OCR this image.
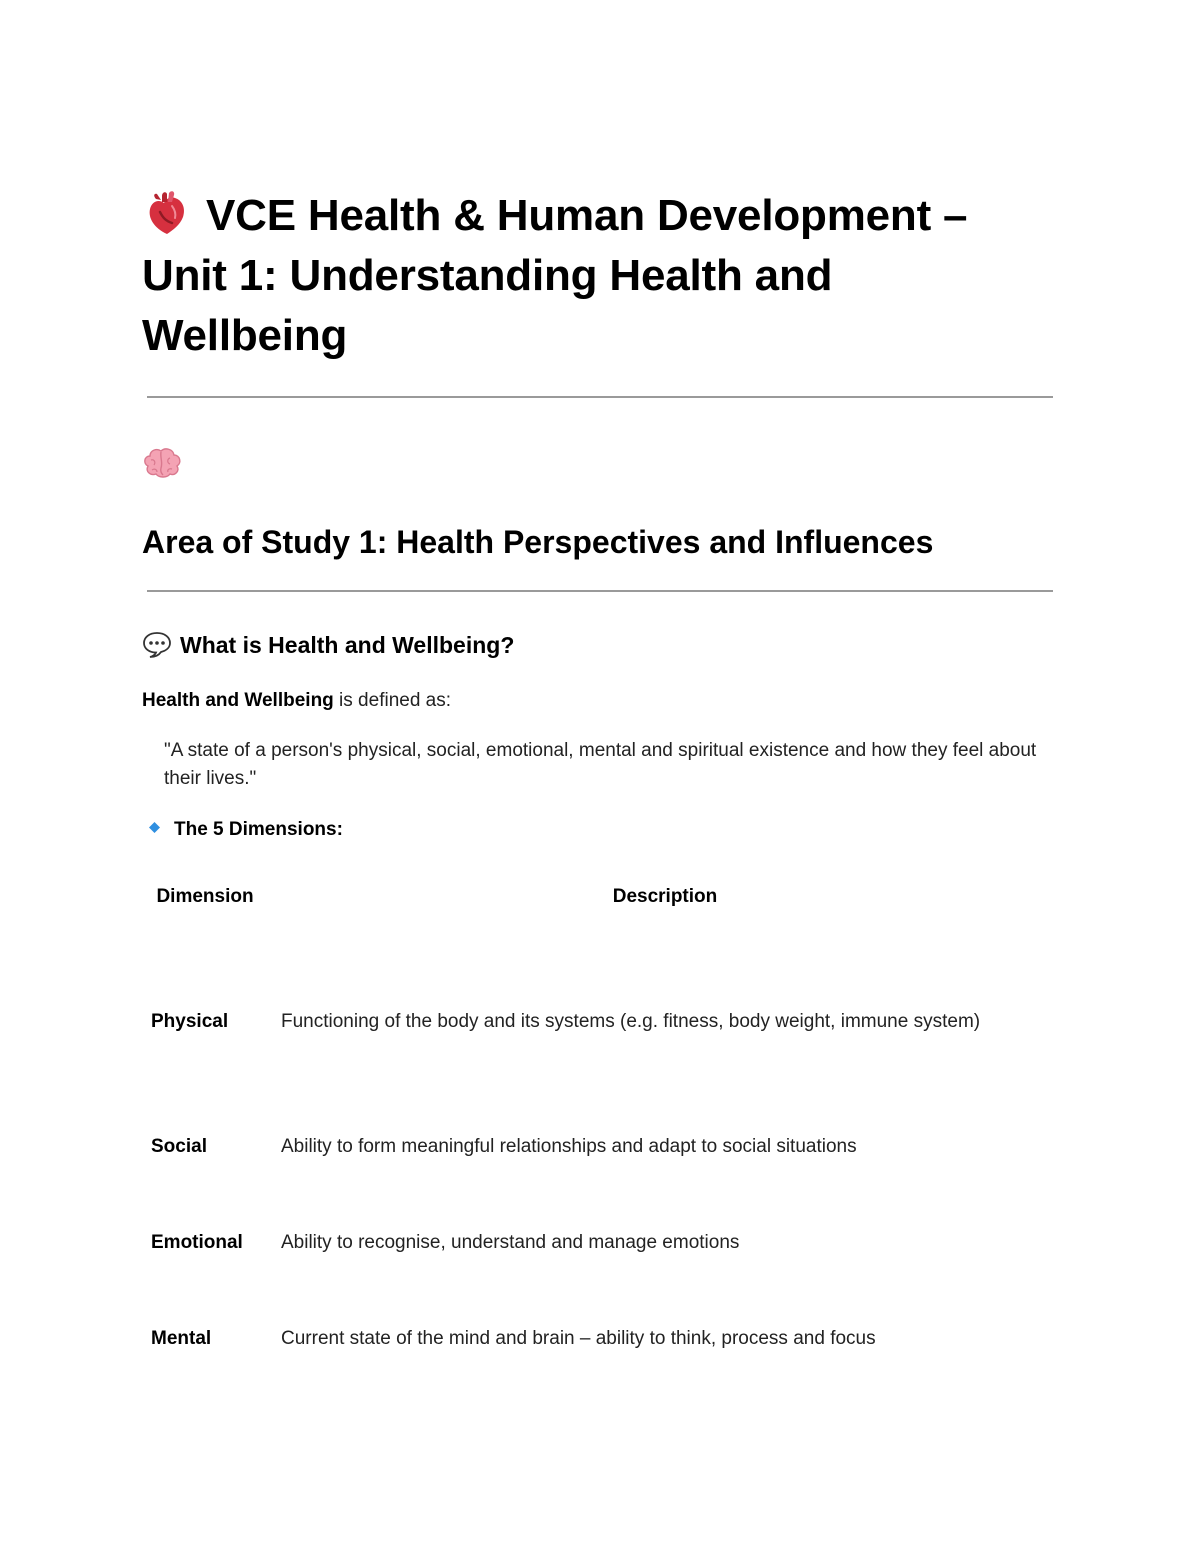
VCE Health & Human Development – Unit 1: Understanding Health and Wellbeing
Area of Study 1: Health Perspectives and Influences
What is Health and Wellbeing?

Health and Wellbeing is defined as:

"A state of a person's physical, social, emotional, mental and spiritual existence and how they feel about their lives."

The 5 Dimensions:

Dimension	Description
Physical	Functioning of the body and its systems (e.g. fitness, body weight, immune system)
Social	Ability to form meaningful relationships and adapt to social situations
Emotional Ability to recognise, understand and manage emotions
Mental	Current state of the mind and brain – ability to think, process and focus
